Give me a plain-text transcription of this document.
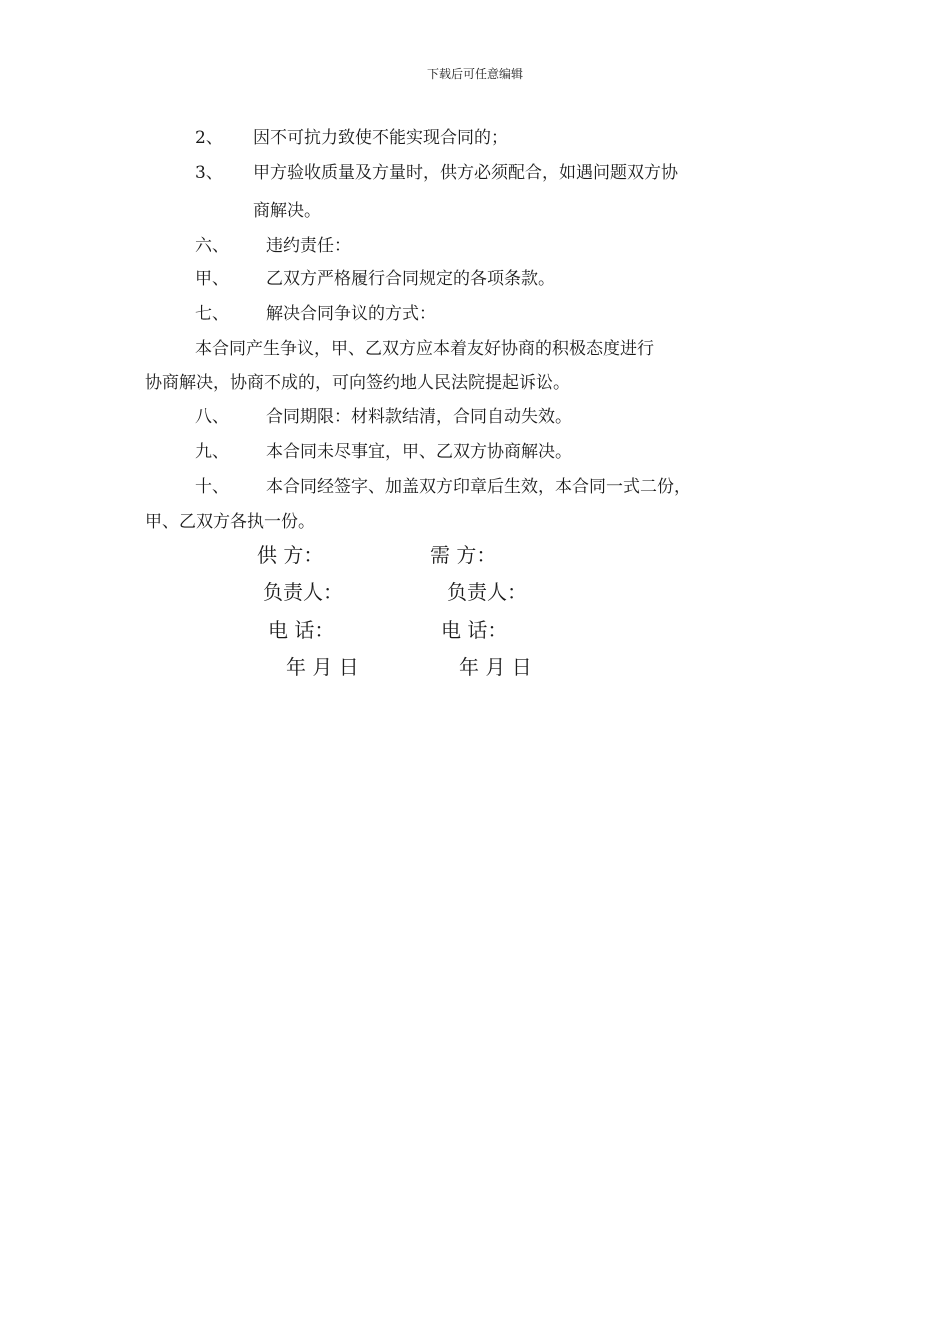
下载后可任意编辑
2、 因不可抗力致使不能实现合同的；
3、 甲方验收质量及方量时，供方必须配合，如遇问题双方协
商解决。
六、 违约责任：
甲、 乙双方严格履行合同规定的各项条款。
七、 解决合同争议的方式：
本合同产生争议，甲、乙双方应本着友好协商的积极态度进行
协商解决，协商不成的，可向签约地人民法院提起诉讼。
八、 合同期限：材料款结清，合同自动失效。
九、 本合同未尽事宜，甲、乙双方协商解决。
十、 本合同经签字、加盖双方印章后生效，本合同一式二份，
甲、乙双方各执一份。
供 方：	需 方：
负责人：	负责人：
电 话：	电 话：
年 月 日	年 月 日
